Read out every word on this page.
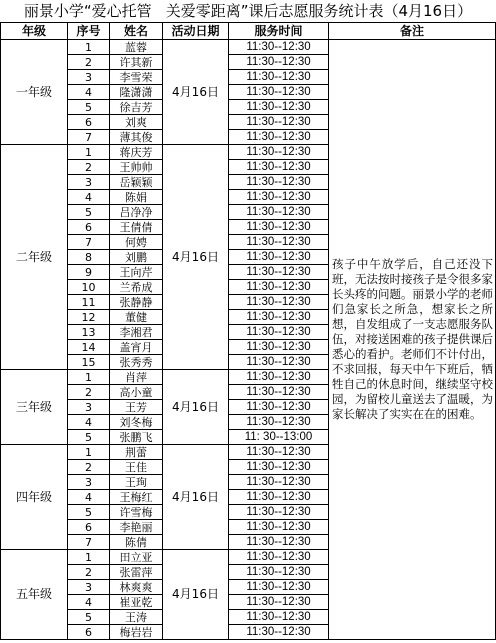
丽景小学“爱心托管 关爱零距离”课后志愿服务统计表（4月16日）
年级	序号	姓名	活动日期	服务时间	备注
一年级	1	蓝蓉	4月16日	11:30--12:30	孩子中午放学后，自己还没下班，无法按时接孩子是令很多家长头疼的问题。丽景小学的老师们急家长之所急，想家长之所想，自发组成了一支志愿服务队伍，对接送困难的孩子提供课后悉心的看护。老师们不计付出，不求回报，每天中午下班后，牺牲自己的休息时间，继续坚守校园，为留校儿童送去了温暖，为家长解决了实实在在的困难。
	2	许其新		11:30--12:30	
	3	李雪荣		11:30--12:30	
	4	隆潇潇		11:30--12:30	
	5	徐吉芳		11:30--12:30	
	6	刘爽		11:30--12:30	
	7	薄其俊		11:30--12:30	
二年级	1	蒋庆芳	4月16日	11:30--12:30	
	2	王帅帅		11:30--12:30	
	3	岳颖颖		11:30--12:30	
	4	陈娟		11:30--12:30	
	5	吕净净		11:30--12:30	
	6	王倩倩		11:30--12:30	
	7	何娉		11:30--12:30	
	8	刘鹏		11:30--12:30	
	9	王向芹		11:30--12:30	
	10	兰希成		11:30--12:30	
	11	张静静		11:30--12:30	
	12	董健		11:30--12:30	
	13	李湘君		11:30--12:30	
	14	盖宵月		11:30--12:30	
	15	张秀秀		11:30--12:30	
三年级	1	肖萍	4月16日	11:30--12:30	
	2	高小童		11:30--12:30	
	3	王芳		11:30--12:30	
	4	刘冬梅		11:30--12:30	
	5	张鹏飞		11: 30--13:00	
四年级	1	荆蕾	4月16日	11:30--12:30	
	2	王佳		11:30--12:30	
	3	王珣		11:30--12:30	
	4	王梅红		11:30--12:30	
	5	许雪梅		11:30--12:30	
	6	李艳丽		11:30--12:30	
	7	陈倩		11:30--12:30	
五年级	1	田立亚	4月16日	11:30--12:30	
	2	张雷萍		11:30--12:30	
	3	林爽爽		11:30--12:30	
	4	崔亚乾		11:30--12:30	
	5	王涛		11:30--12:30	
	6	梅岩岩		11:30--12:30	
